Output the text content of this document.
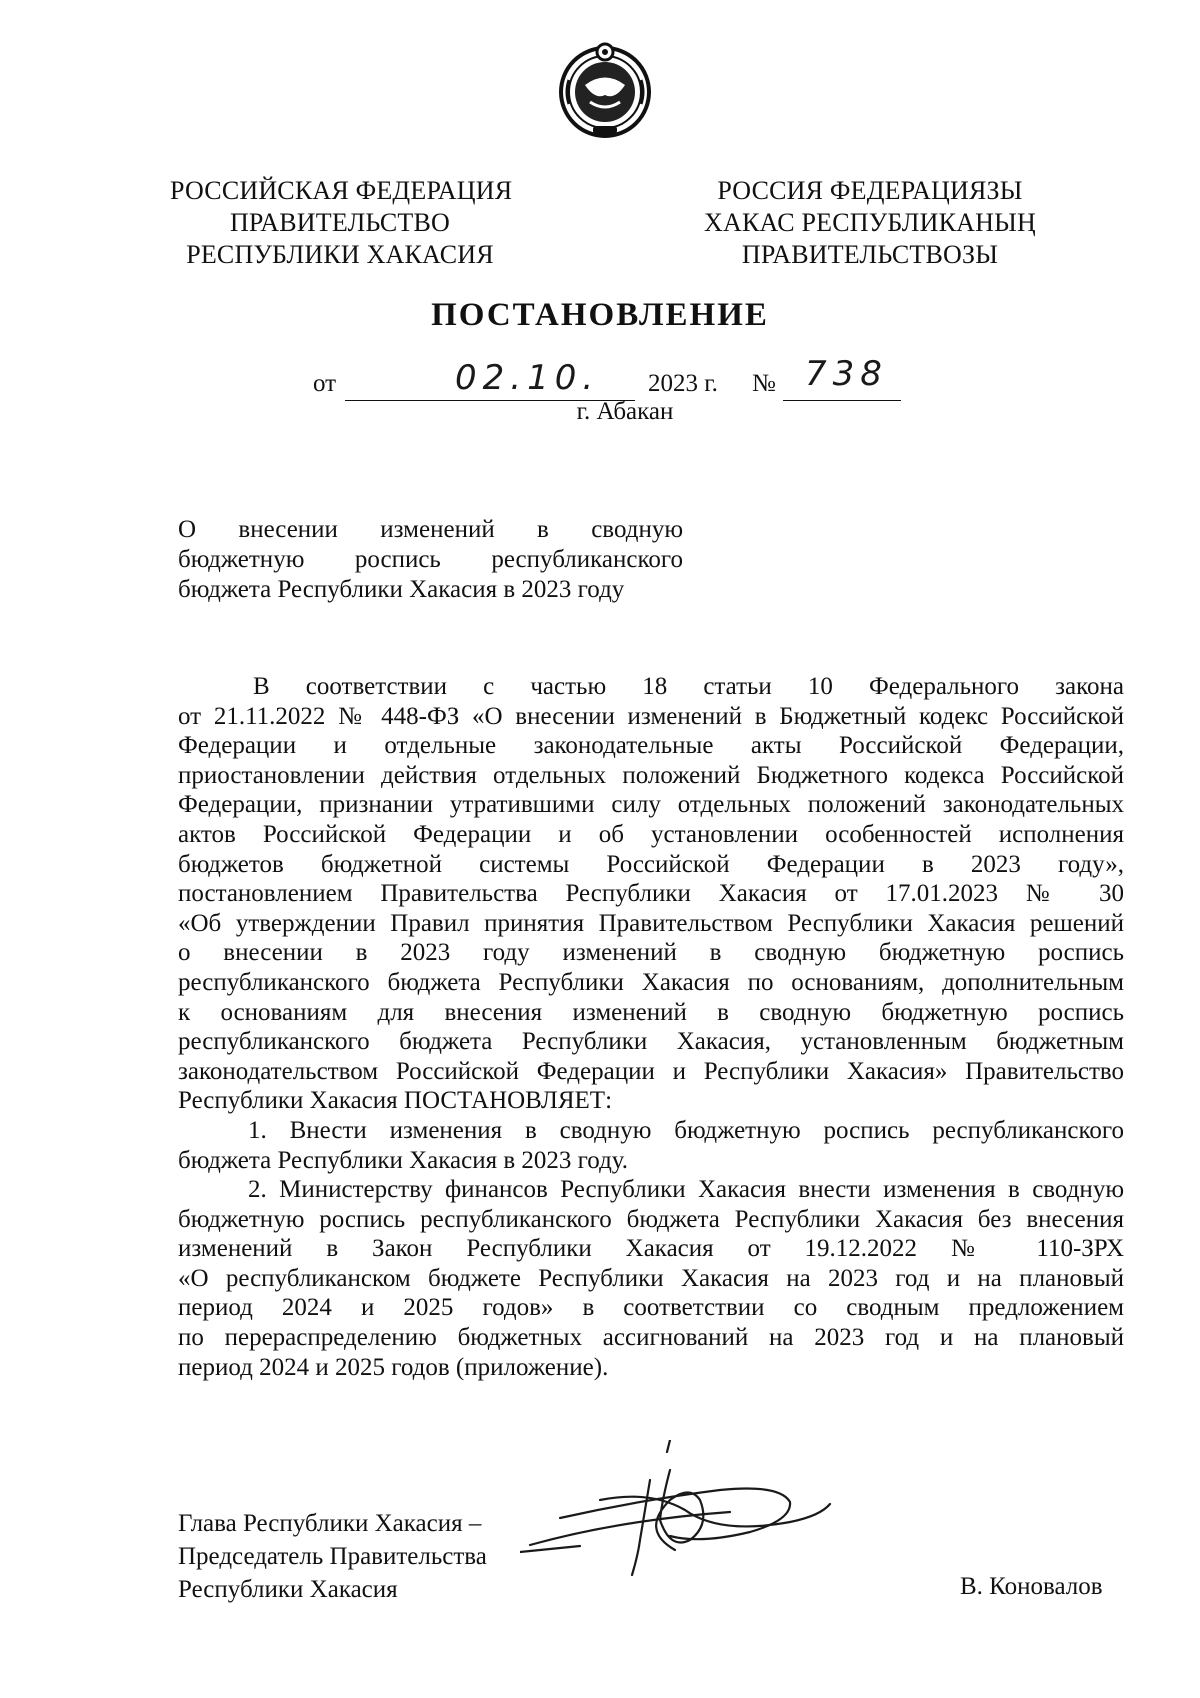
РОССИЙСКАЯ ФЕДЕРАЦИЯ
ПРАВИТЕЛЬСТВО
РЕСПУБЛИКИ ХАКАСИЯ
РОССИЯ ФЕДЕРАЦИЯЗЫ
ХАКАС РЕСПУБЛИКАНЫҢ
ПРАВИТЕЛЬСТВОЗЫ
ПОСТАНОВЛЕНИЕ
от	02.10. 2023 г. № 738
г. Абакан
О внесении изменений в сводную
бюджетную роспись республиканского
бюджета Республики Хакасия в 2023 году
В соответствии с частью 18 статьи 10 Федерального закона
от 21.11.2022 № 448-ФЗ «О внесении изменений в Бюджетный кодекс Российской
Федерации и отдельные законодательные акты Российской Федерации,
приостановлении действия отдельных положений Бюджетного кодекса Российской
Федерации, признании утратившими силу отдельных положений законодательных
актов Российской Федерации и об установлении особенностей исполнения
бюджетов бюджетной системы Российской Федерации в 2023 году»,
постановлением Правительства Республики Хакасия от 17.01.2023 № 30
«Об утверждении Правил принятия Правительством Республики Хакасия решений
о внесении в 2023 году изменений в сводную бюджетную роспись
республиканского бюджета Республики Хакасия по основаниям, дополнительным
к основаниям для внесения изменений в сводную бюджетную роспись
республиканского бюджета Республики Хакасия, установленным бюджетным
законодательством Российской Федерации и Республики Хакасия» Правительство
Республики Хакасия ПОСТАНОВЛЯЕТ:
1. Внести изменения в сводную бюджетную роспись республиканского
бюджета Республики Хакасия в 2023 году.
2. Министерству финансов Республики Хакасия внести изменения в сводную
бюджетную роспись республиканского бюджета Республики Хакасия без внесения
изменений в Закон Республики Хакасия от 19.12.2022 № 110-ЗРХ
«О республиканском бюджете Республики Хакасия на 2023 год и на плановый
период 2024 и 2025 годов» в соответствии со сводным предложением
по перераспределению бюджетных ассигнований на 2023 год и на плановый
период 2024 и 2025 годов (приложение).
Глава Республики Хакасия –
Председатель Правительства
Республики Хакасия	В. Коновалов
